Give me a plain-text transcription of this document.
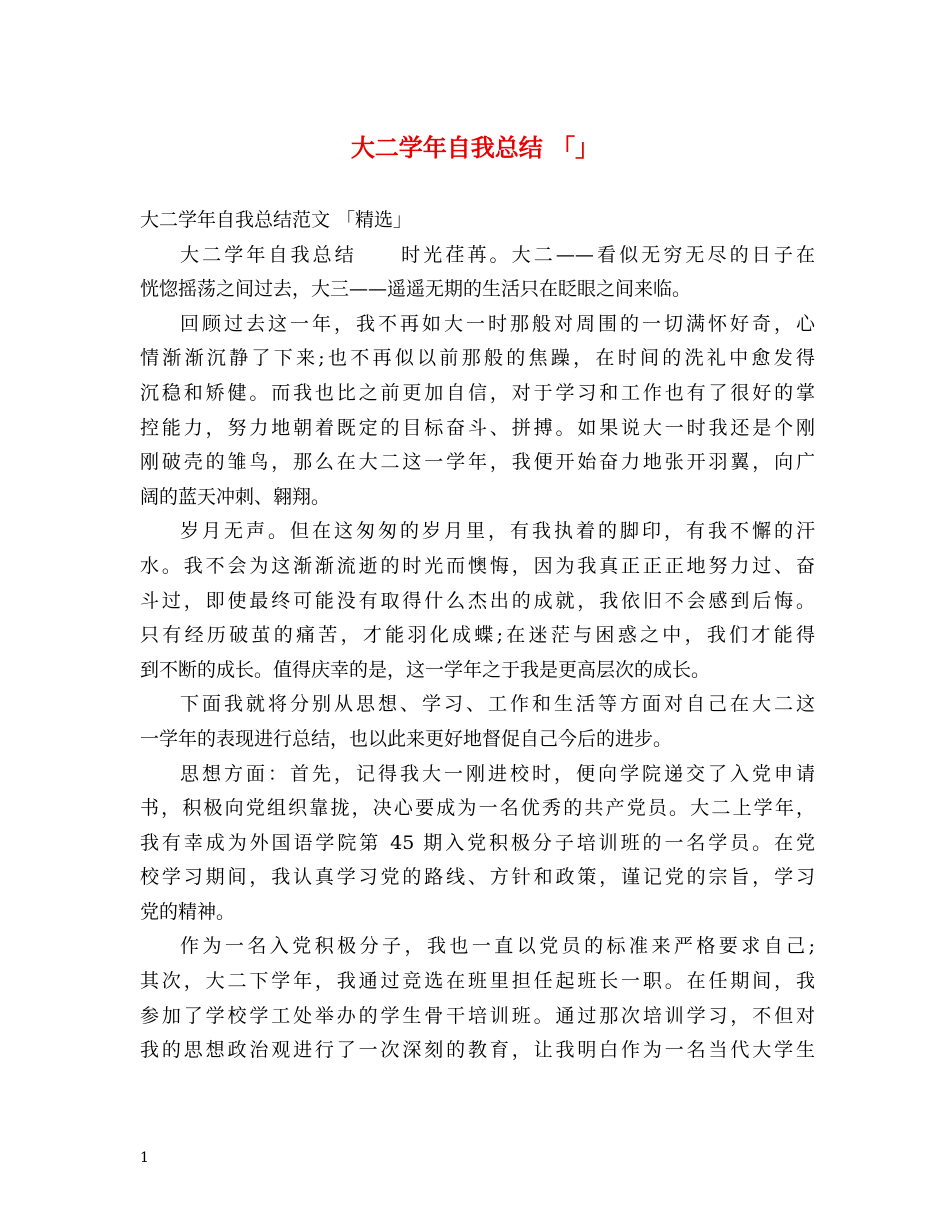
大二学年自我总结 「」
大二学年自我总结范文 「精选」
大二学年自我总结　　时光荏苒。大二——看似无穷无尽的日子在
恍惚摇荡之间过去，大三——遥遥无期的生活只在眨眼之间来临。
回顾过去这一年，我不再如大一时那般对周围的一切满怀好奇，心
情渐渐沉静了下来;也不再似以前那般的焦躁，在时间的洗礼中愈发得
沉稳和矫健。而我也比之前更加自信，对于学习和工作也有了很好的掌
控能力，努力地朝着既定的目标奋斗、拼搏。如果说大一时我还是个刚
刚破壳的雏鸟，那么在大二这一学年，我便开始奋力地张开羽翼，向广
阔的蓝天冲刺、翱翔。
岁月无声。但在这匆匆的岁月里，有我执着的脚印，有我不懈的汗
水。我不会为这渐渐流逝的时光而懊悔，因为我真正正正地努力过、奋
斗过，即使最终可能没有取得什么杰出的成就，我依旧不会感到后悔。
只有经历破茧的痛苦，才能羽化成蝶;在迷茫与困惑之中，我们才能得
到不断的成长。值得庆幸的是，这一学年之于我是更高层次的成长。
下面我就将分别从思想、学习、工作和生活等方面对自己在大二这
一学年的表现进行总结，也以此来更好地督促自己今后的进步。
思想方面：首先，记得我大一刚进校时，便向学院递交了入党申请
书，积极向党组织靠拢，决心要成为一名优秀的共产党员。大二上学年，
我有幸成为外国语学院第 45 期入党积极分子培训班的一名学员。在党
校学习期间，我认真学习党的路线、方针和政策，谨记党的宗旨，学习
党的精神。
作为一名入党积极分子，我也一直以党员的标准来严格要求自己;
其次，大二下学年，我通过竞选在班里担任起班长一职。在任期间，我
参加了学校学工处举办的学生骨干培训班。通过那次培训学习，不但对
我的思想政治观进行了一次深刻的教育，让我明白作为一名当代大学生
1
